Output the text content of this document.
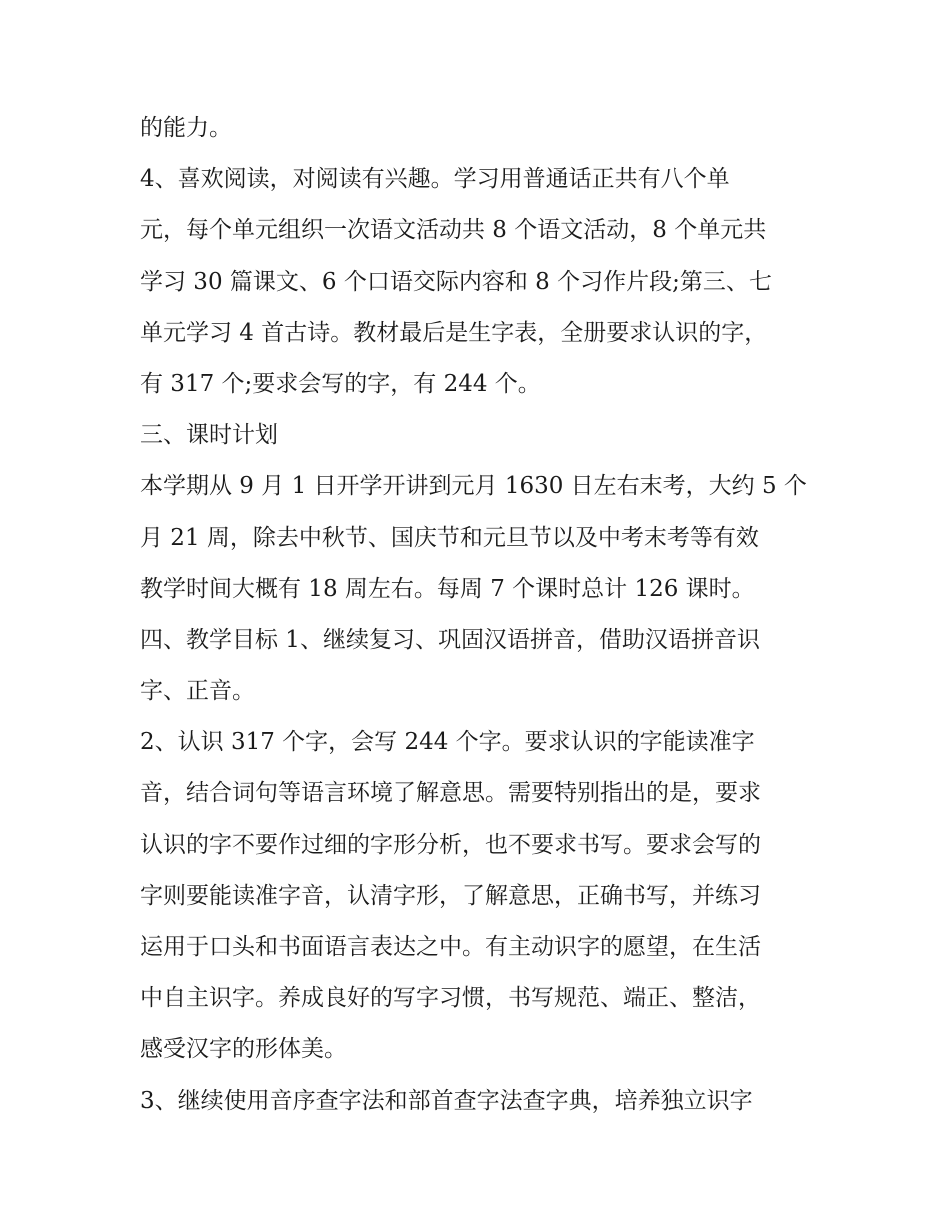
的能力。
4、喜欢阅读，对阅读有兴趣。学习用普通话正共有八个单
元，每个单元组织一次语文活动共 8 个语文活动，8 个单元共
学习 30 篇课文、6 个口语交际内容和 8 个习作片段;第三、七
单元学习 4 首古诗。教材最后是生字表，全册要求认识的字，
有 317 个;要求会写的字，有 244 个。
三、课时计划
本学期从 9 月 1 日开学开讲到元月 1630 日左右末考，大约 5 个
月 21 周，除去中秋节、国庆节和元旦节以及中考末考等有效
教学时间大概有 18 周左右。每周 7 个课时总计 126 课时。
四、教学目标 1、继续复习、巩固汉语拼音，借助汉语拼音识
字、正音。
2、认识 317 个字，会写 244 个字。要求认识的字能读准字
音，结合词句等语言环境了解意思。需要特别指出的是，要求
认识的字不要作过细的字形分析，也不要求书写。要求会写的
字则要能读准字音，认清字形，了解意思，正确书写，并练习
运用于口头和书面语言表达之中。有主动识字的愿望，在生活
中自主识字。养成良好的写字习惯，书写规范、端正、整洁，
感受汉字的形体美。
3、继续使用音序查字法和部首查字法查字典，培养独立识字
